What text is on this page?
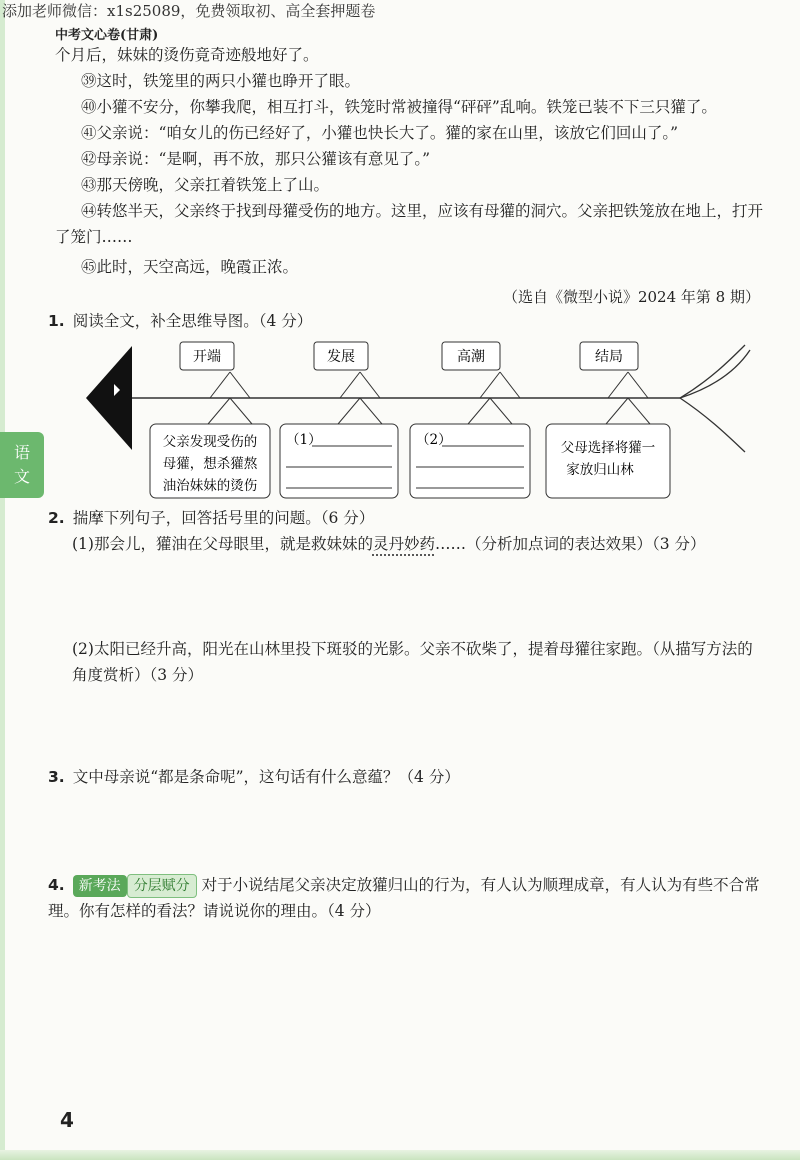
添加老师微信：x1s25089，免费领取初、高全套押题卷
中考文心卷(甘肃)
个月后，妹妹的烫伤竟奇迹般地好了。
㊴这时，铁笼里的两只小獾也睁开了眼。
㊵小獾不安分，你攀我爬，相互打斗，铁笼时常被撞得“砰砰”乱响。铁笼已装不下三只獾了。
㊶父亲说：“咱女儿的伤已经好了，小獾也快长大了。獾的家在山里，该放它们回山了。”
㊷母亲说：“是啊，再不放，那只公獾该有意见了。”
㊸那天傍晚，父亲扛着铁笼上了山。
㊹转悠半天，父亲终于找到母獾受伤的地方。这里，应该有母獾的洞穴。父亲把铁笼放在地上，打开了笼门……
㊺此时，天空高远，晚霞正浓。
（选自《微型小说》2024 年第 8 期）
语
文
1. 阅读全文，补全思维导图。（4 分）
开端	发展	高潮	结局
父亲发现受伤的
母獾，想杀獾熬
油治妹妹的烫伤
（1）	（2）	父母选择将獾一
家放归山林
2. 揣摩下列句子，回答括号里的问题。（6 分）
(1)那会儿，獾油在父母眼里，就是救妹妹的灵丹妙药……（分析加点词的表达效果）（3 分）
(2)太阳已经升高，阳光在山林里投下斑驳的光影。父亲不砍柴了，提着母獾往家跑。（从描写方法的角度赏析）（3 分）
3. 文中母亲说“都是条命呢”，这句话有什么意蕴？（4 分）
4. 新考法 分层赋分 对于小说结尾父亲决定放獾归山的行为，有人认为顺理成章，有人认为有些不合常理。你有怎样的看法？请说说你的理由。（4 分）
4
